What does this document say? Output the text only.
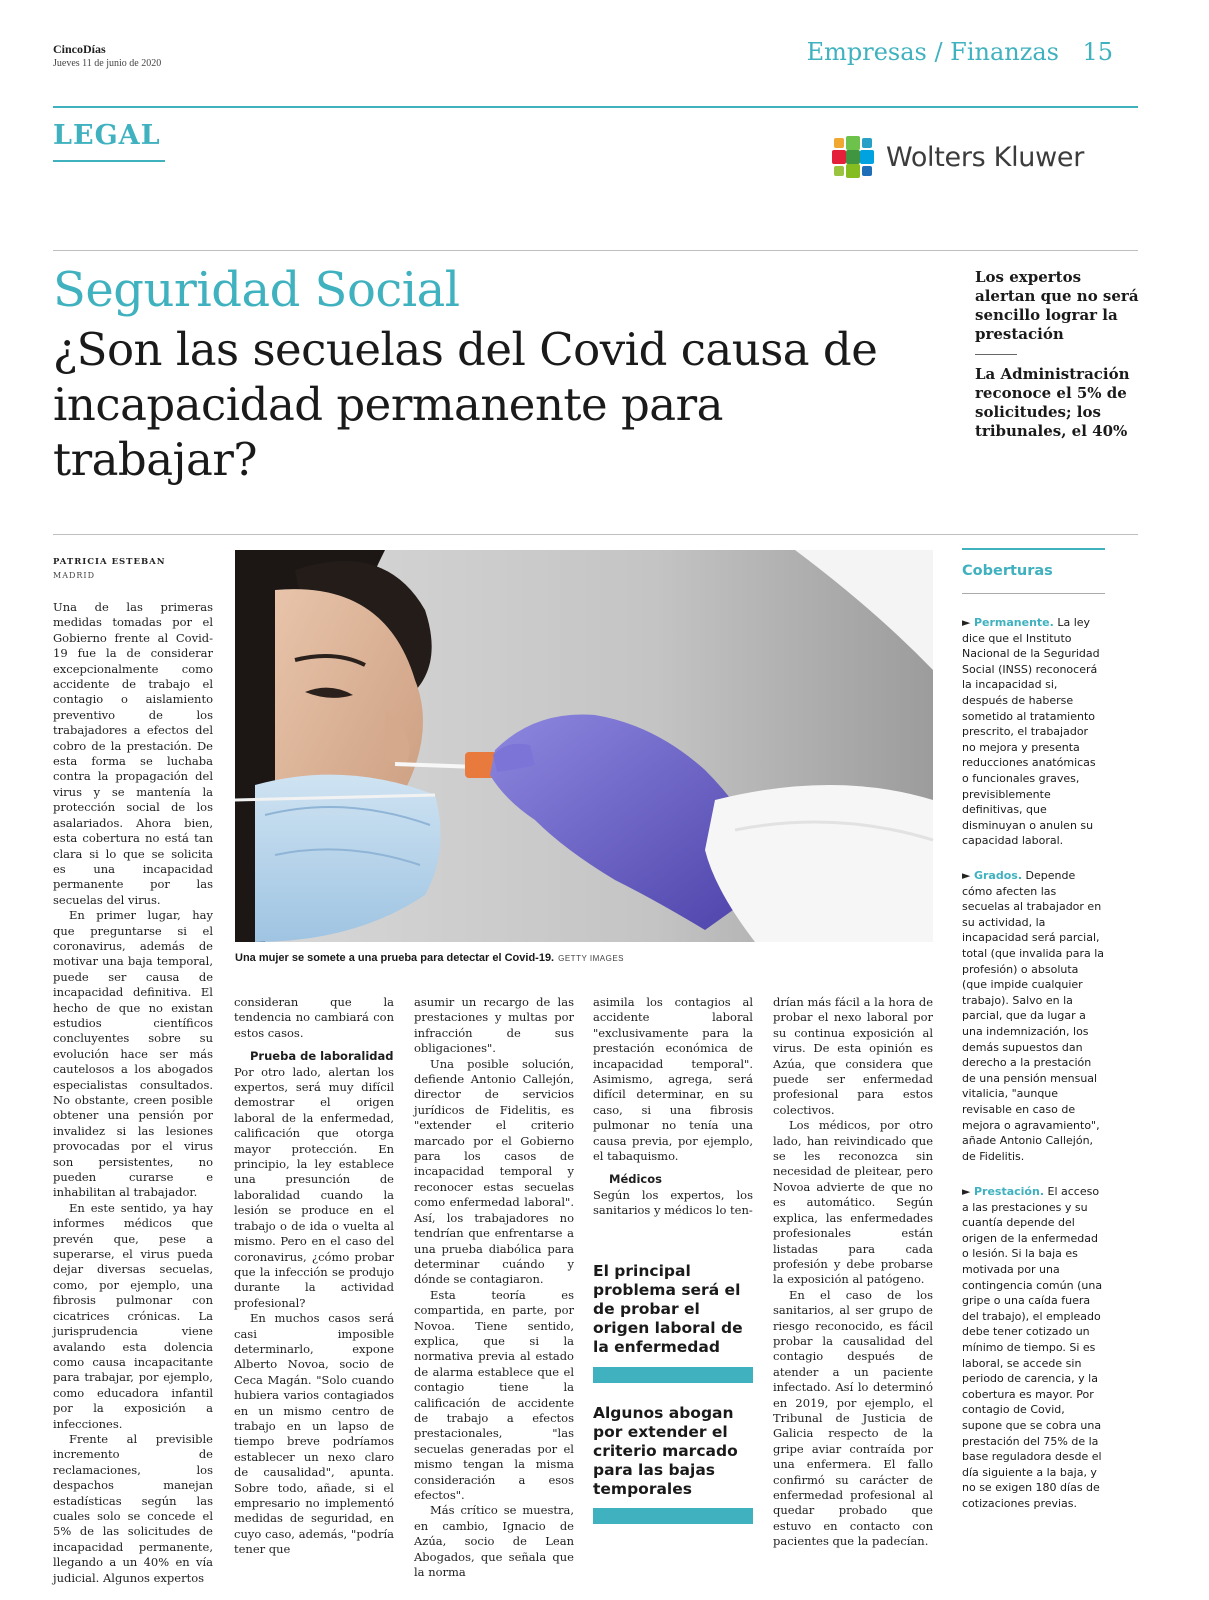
CincoDías
Jueves 11 de junio de 2020	Empresas / Finanzas 15
LEGAL
Wolters Kluwer
Seguridad Social
¿Son las secuelas del Covid causa de incapacidad permanente para trabajar?
Los expertos alertan que no será sencillo lograr la prestación
La Administración reconoce el 5% de solicitudes; los tribunales, el 40%
PATRICIA ESTEBAN
MADRID
Una mujer se somete a una prueba para detectar el Covid-19. GETTY IMAGES

Una de las primeras medidas tomadas por el Gobierno frente al Covid-19 fue la de considerar excepcionalmente como accidente de trabajo el contagio o aislamiento preventivo de los trabajadores a efectos del cobro de la prestación. De esta forma se luchaba contra la propagación del virus y se mantenía la protección social de los asalariados. Ahora bien, esta cobertura no está tan clara si lo que se solicita es una incapacidad permanente por las secuelas del virus.

En primer lugar, hay que preguntarse si el coronavirus, además de motivar una baja temporal, puede ser causa de incapacidad definitiva. El hecho de que no existan estudios científicos concluyentes sobre su evolución hace ser más cautelosos a los abogados especialistas consultados. No obstante, creen posible obtener una pensión por invalidez si las lesiones provocadas por el virus son persistentes, no pueden curarse e inhabilitan al trabajador.

En este sentido, ya hay informes médicos que prevén que, pese a superarse, el virus pueda dejar diversas secuelas, como, por ejemplo, una fibrosis pulmonar con cicatrices crónicas. La jurisprudencia viene avalando esta dolencia como causa incapacitante para trabajar, por ejemplo, como educadora infantil por la exposición a infecciones.

Frente al previsible incremento de reclamaciones, los despachos manejan estadísticas según las cuales solo se concede el 5% de las solicitudes de incapacidad permanente, llegando a un 40% en vía judicial. Algunos expertos

consideran que la tendencia no cambiará con estos casos.

Prueba de laboralidad

Por otro lado, alertan los expertos, será muy difícil demostrar el origen laboral de la enfermedad, calificación que otorga mayor protección. En principio, la ley establece una presunción de laboralidad cuando la lesión se produce en el trabajo o de ida o vuelta al mismo. Pero en el caso del coronavirus, ¿cómo probar que la infección se produjo durante la actividad profesional?

En muchos casos será casi imposible determinarlo, expone Alberto Novoa, socio de Ceca Magán. "Solo cuando hubiera varios contagiados en un mismo centro de trabajo en un lapso de tiempo breve podríamos establecer un nexo claro de causalidad", apunta. Sobre todo, añade, si el empresario no implementó medidas de seguridad, en cuyo caso, además, "podría tener que

asumir un recargo de las prestaciones y multas por infracción de sus obligaciones".

Una posible solución, defiende Antonio Callejón, director de servicios jurídicos de Fidelitis, es "extender el criterio marcado por el Gobierno para los casos de incapacidad temporal y reconocer estas secuelas como enfermedad laboral". Así, los trabajadores no tendrían que enfrentarse a una prueba diabólica para determinar cuándo y dónde se contagiaron.

Esta teoría es compartida, en parte, por Novoa. Tiene sentido, explica, que si la normativa previa al estado de alarma establece que el contagio tiene la calificación de accidente de trabajo a efectos prestacionales, "las secuelas generadas por el mismo tengan la misma consideración a esos efectos".

Más crítico se muestra, en cambio, Ignacio de Azúa, socio de Lean Abogados, que señala que la norma

asimila los contagios al accidente laboral "exclusivamente para la prestación económica de incapacidad temporal". Asimismo, agrega, será difícil determinar, en su caso, si una fibrosis pulmonar no tenía una causa previa, por ejemplo, el tabaquismo.

Médicos

Según los expertos, los sanitarios y médicos lo ten-

El principal problema será el de probar el origen laboral de la enfermedad
Algunos abogan por extender el criterio marcado para las bajas temporales

drían más fácil a la hora de probar el nexo laboral por su continua exposición al virus. De esta opinión es Azúa, que considera que puede ser enfermedad profesional para estos colectivos.

Los médicos, por otro lado, han reivindicado que se les reconozca sin necesidad de pleitear, pero Novoa advierte de que no es automático. Según explica, las enfermedades profesionales están listadas para cada profesión y debe probarse la exposición al patógeno.

En el caso de los sanitarios, al ser grupo de riesgo reconocido, es fácil probar la causalidad del contagio después de atender a un paciente infectado. Así lo determinó en 2019, por ejemplo, el Tribunal de Justicia de Galicia respecto de la gripe aviar contraída por una enfermera. El fallo confirmó su carácter de enfermedad profesional al quedar probado que estuvo en contacto con pacientes que la padecían.

Coberturas
► Permanente. La ley dice que el Instituto Nacional de la Seguridad Social (INSS) reconocerá la incapacidad si, después de haberse sometido al tratamiento prescrito, el trabajador no mejora y presenta reducciones anatómicas o funcionales graves, previsiblemente definitivas, que disminuyan o anulen su capacidad laboral.
► Grados. Depende cómo afecten las secuelas al trabajador en su actividad, la incapacidad será parcial, total (que invalida para la profesión) o absoluta (que impide cualquier trabajo). Salvo en la parcial, que da lugar a una indemnización, los demás supuestos dan derecho a la prestación de una pensión mensual vitalicia, "aunque revisable en caso de mejora o agravamiento", añade Antonio Callejón, de Fidelitis.
► Prestación. El acceso a las prestaciones y su cuantía depende del origen de la enfermedad o lesión. Si la baja es motivada por una contingencia común (una gripe o una caída fuera del trabajo), el empleado debe tener cotizado un mínimo de tiempo. Si es laboral, se accede sin periodo de carencia, y la cobertura es mayor. Por contagio de Covid, supone que se cobra una prestación del 75% de la base reguladora desde el día siguiente a la baja, y no se exigen 180 días de cotizaciones previas.
